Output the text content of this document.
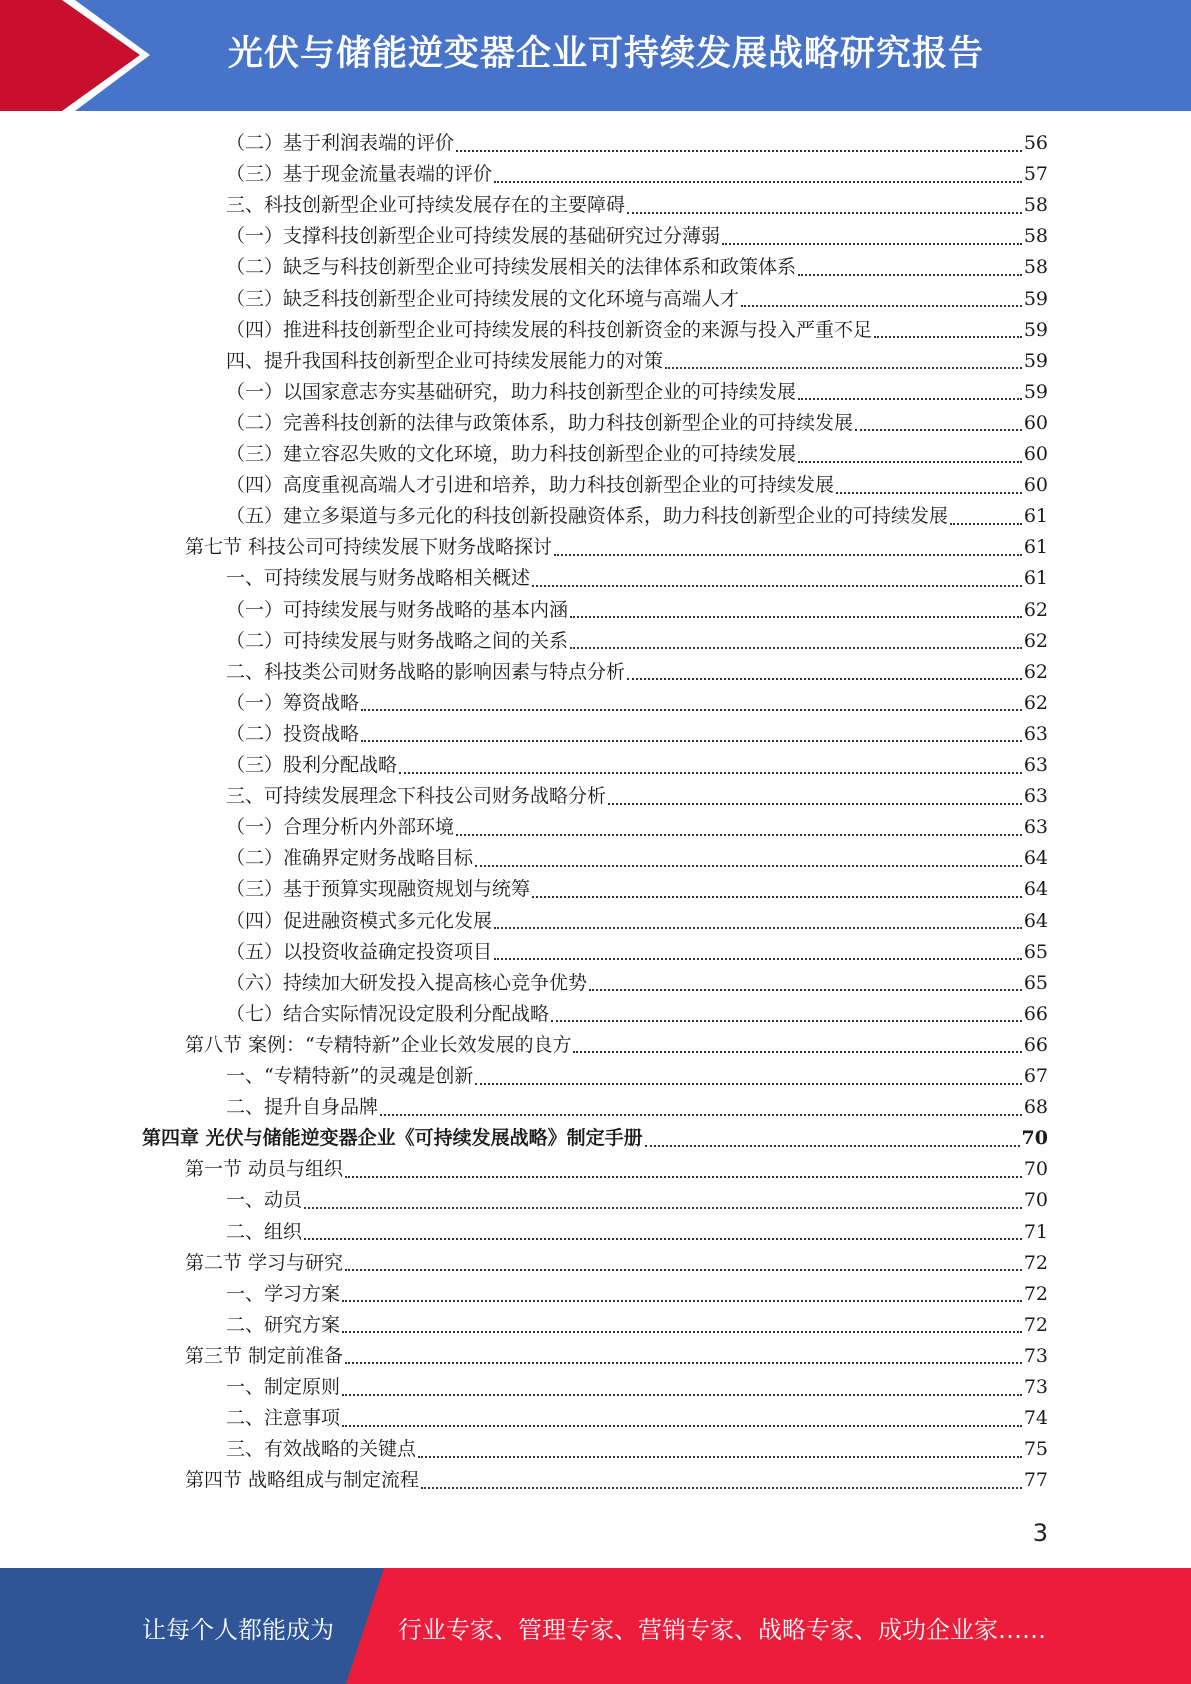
光伏与储能逆变器企业可持续发展战略研究报告
（二）基于利润表端的评价	56
（三）基于现金流量表端的评价	57
三、科技创新型企业可持续发展存在的主要障碍	58
（一）支撑科技创新型企业可持续发展的基础研究过分薄弱	58
（二）缺乏与科技创新型企业可持续发展相关的法律体系和政策体系	58
（三）缺乏科技创新型企业可持续发展的文化环境与高端人才	59
（四）推进科技创新型企业可持续发展的科技创新资金的来源与投入严重不足	59
四、提升我国科技创新型企业可持续发展能力的对策	59
（一）以国家意志夯实基础研究，助力科技创新型企业的可持续发展	59
（二）完善科技创新的法律与政策体系，助力科技创新型企业的可持续发展	60
（三）建立容忍失败的文化环境，助力科技创新型企业的可持续发展	60
（四）高度重视高端人才引进和培养，助力科技创新型企业的可持续发展	60
（五）建立多渠道与多元化的科技创新投融资体系，助力科技创新型企业的可持续发展	61
第七节 科技公司可持续发展下财务战略探讨	61
一、可持续发展与财务战略相关概述	61
（一）可持续发展与财务战略的基本内涵	62
（二）可持续发展与财务战略之间的关系	62
二、科技类公司财务战略的影响因素与特点分析	62
（一）筹资战略	62
（二）投资战略	63
（三）股利分配战略	63
三、可持续发展理念下科技公司财务战略分析	63
（一）合理分析内外部环境	63
（二）准确界定财务战略目标	64
（三）基于预算实现融资规划与统筹	64
（四）促进融资模式多元化发展	64
（五）以投资收益确定投资项目	65
（六）持续加大研发投入提高核心竞争优势	65
（七）结合实际情况设定股利分配战略	66
第八节 案例：“专精特新”企业长效发展的良方	66
一、“专精特新”的灵魂是创新	67
二、提升自身品牌	68
第四章 光伏与储能逆变器企业《可持续发展战略》制定手册	70
第一节 动员与组织	70
一、动员	70
二、组织	71
第二节 学习与研究	72
一、学习方案	72
二、研究方案	72
第三节 制定前准备	73
一、制定原则	73
二、注意事项	74
三、有效战略的关键点	75
第四节 战略组成与制定流程	77
3
让每个人都能成为	行业专家、管理专家、营销专家、战略专家、成功企业家……
